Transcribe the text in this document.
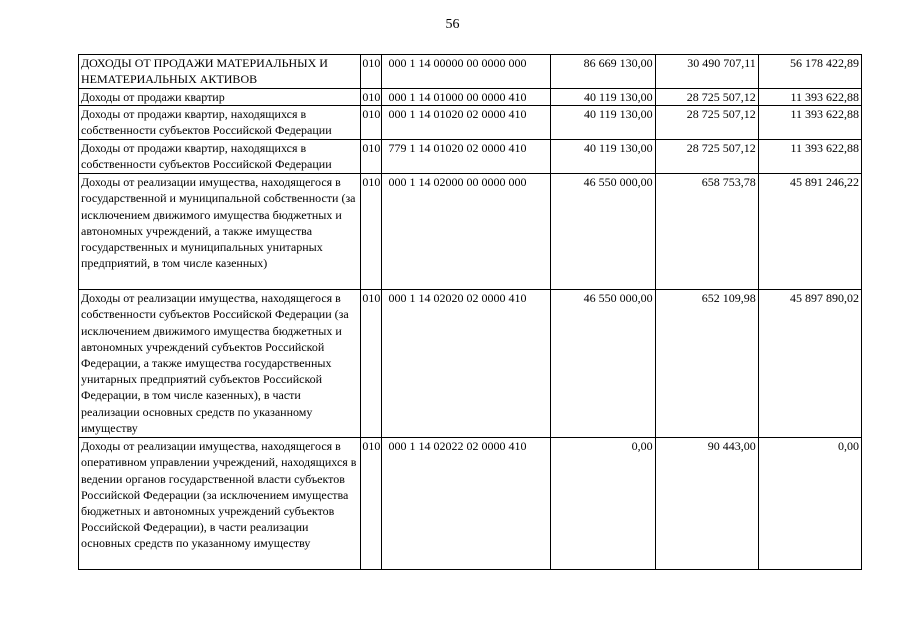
56
ДОХОДЫ ОТ ПРОДАЖИ МАТЕРИАЛЬНЫХ И НЕМАТЕРИАЛЬНЫХ АКТИВОВ	010	000 1 14 00000 00 0000 000	86 669 130,00	30 490 707,11	56 178 422,89
Доходы от продажи квартир	010	000 1 14 01000 00 0000 410	40 119 130,00	28 725 507,12	11 393 622,88
Доходы от продажи квартир, находящихся в собственности субъектов Российской Федерации	010	000 1 14 01020 02 0000 410	40 119 130,00	28 725 507,12	11 393 622,88
Доходы от продажи квартир, находящихся в собственности субъектов Российской Федерации	010	779 1 14 01020 02 0000 410	40 119 130,00	28 725 507,12	11 393 622,88
Доходы от реализации имущества, находящегося в государственной и муниципальной собственности (за исключением движимого имущества бюджетных и автономных учреждений, а также имущества государственных и муниципальных унитарных предприятий, в том числе казенных)	010	000 1 14 02000 00 0000 000	46 550 000,00	658 753,78	45 891 246,22
Доходы от реализации имущества, находящегося в собственности субъектов Российской Федерации (за исключением движимого имущества бюджетных и автономных учреждений субъектов Российской Федерации, а также имущества государственных унитарных предприятий субъектов Российской Федерации, в том числе казенных), в части реализации основных средств по указанному имуществу	010	000 1 14 02020 02 0000 410	46 550 000,00	652 109,98	45 897 890,02
Доходы от реализации имущества, находящегося в оперативном управлении учреждений, находящихся в ведении органов государственной власти субъектов Российской Федерации (за исключением имущества бюджетных и автономных учреждений субъектов Российской Федерации), в части реализации основных средств по указанному имуществу	010	000 1 14 02022 02 0000 410	0,00	90 443,00	0,00
